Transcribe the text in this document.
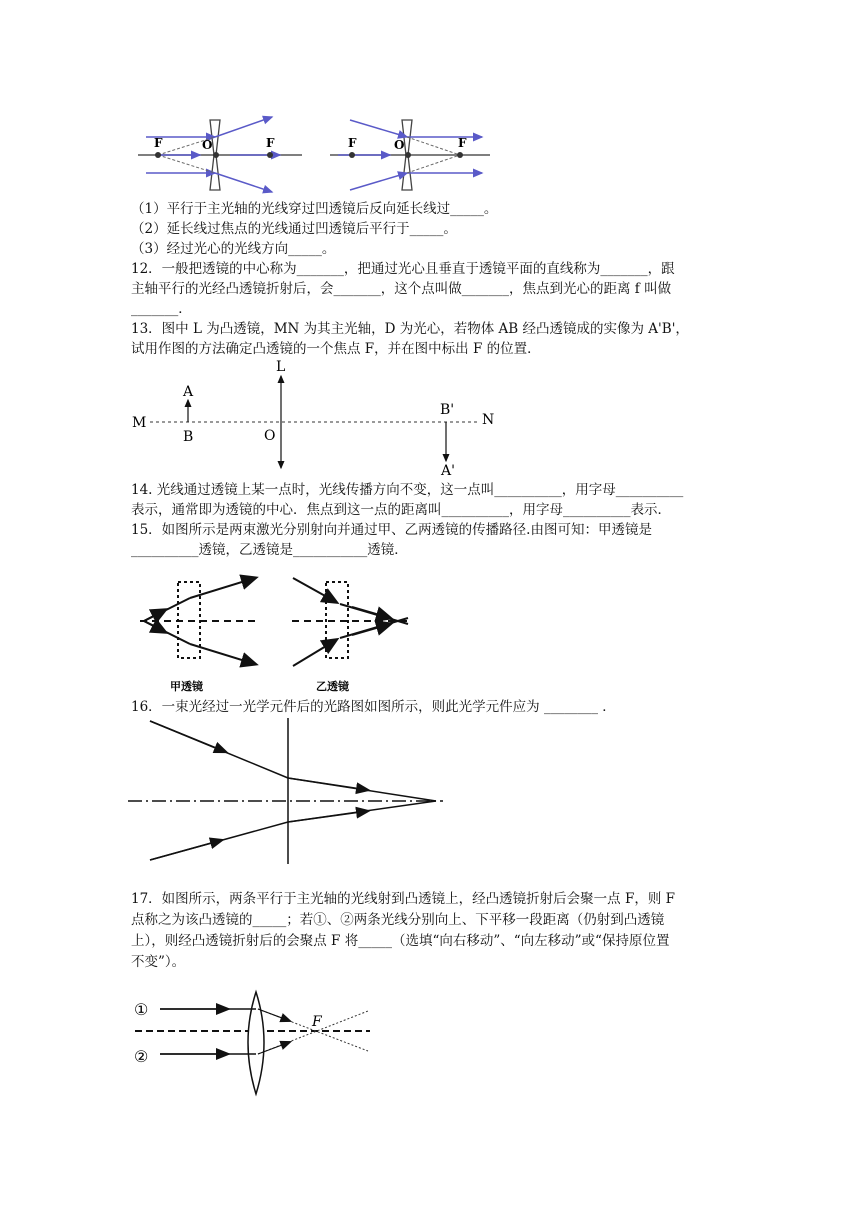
F	O	F	F	O	F
（1）平行于主光轴的光线穿过凹透镜后反向延长线过_____。
（2）延长线过焦点的光线通过凹透镜后平行于_____。
（3）经过光心的光线方向_____。
12．一般把透镜的中心称为_______，把通过光心且垂直于透镜平面的直线称为_______，跟
主轴平行的光经凸透镜折射后，会_______，这个点叫做_______，焦点到光心的距离 f 叫做
_______．
13．图中 L 为凸透镜，MN 为其主光轴，D 为光心，若物体 AB 经凸透镜成的实像为 A'B'，
试用作图的方法确定凸透镜的一个焦点 F，并在图中标出 F 的位置．
L
A
M
B	O
B'
N
A'
14. 光线通过透镜上某一点时，光线传播方向不变，这一点叫__________，用字母__________
表示，通常即为透镜的中心．焦点到这一点的距离叫__________，用字母__________表示．
15．如图所示是两束激光分别射向并通过甲、乙两透镜的传播路径.由图可知：甲透镜是
__________透镜，乙透镜是___________透镜．
甲透镜	乙透镜
16．一束光经过一光学元件后的光路图如图所示，则此光学元件应为 ________ ．
17．如图所示，两条平行于主光轴的光线射到凸透镜上，经凸透镜折射后会聚一点 F，则 F
点称之为该凸透镜的_____；若①、②两条光线分别向上、下平移一段距离（仍射到凸透镜
上），则经凸透镜折射后的会聚点 F 将_____（选填“向右移动”、“向左移动”或“保持原位置
不变”）。
①
②
F
